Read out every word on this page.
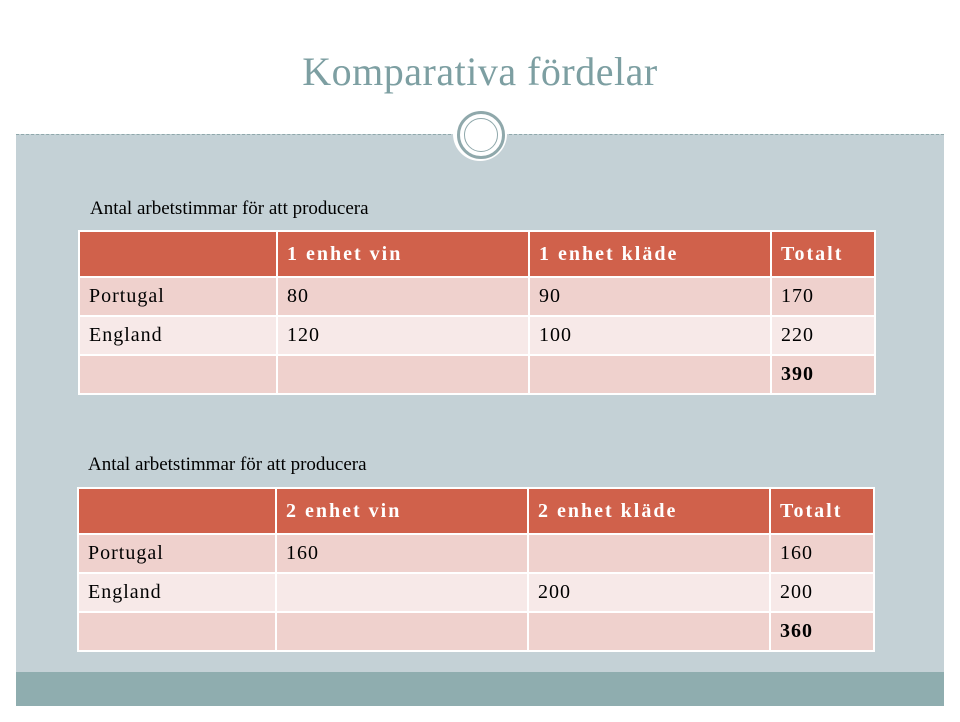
Komparativa fördelar
Antal arbetstimmar för att producera
	1 enhet vin	1 enhet kläde	Totalt
Portugal	80	90	170
England	120	100	220
			390
Antal arbetstimmar för att producera
	2 enhet vin	2 enhet kläde	Totalt
Portugal	160		160
England		200	200
			360
